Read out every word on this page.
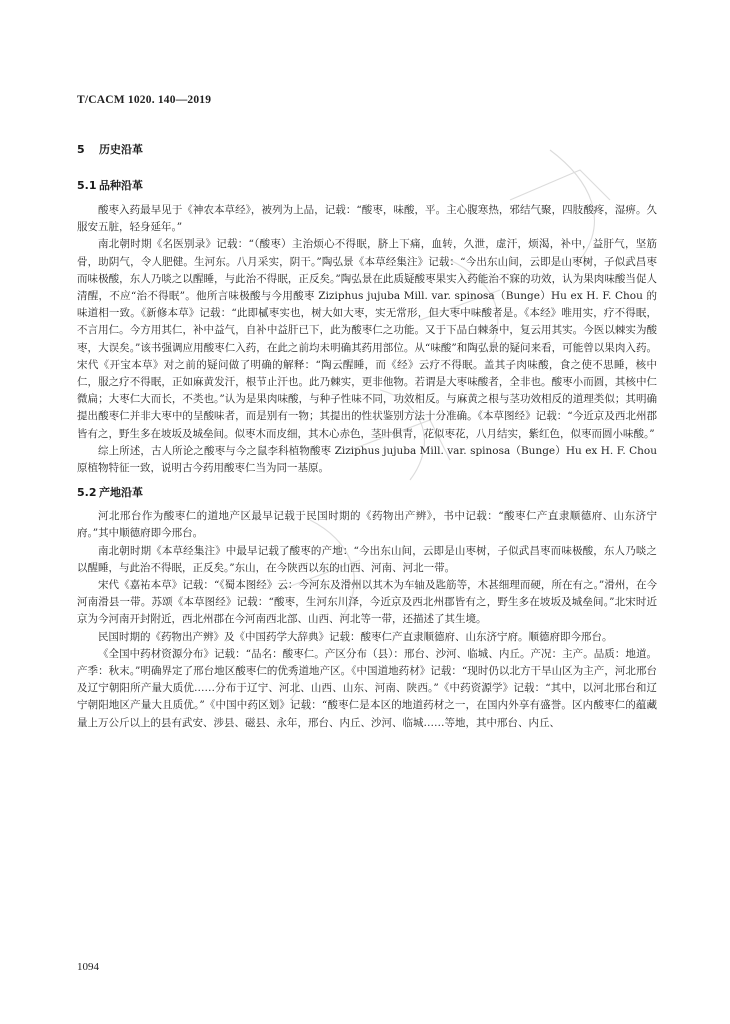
T/CACM 1020. 140—2019
5 历史沿革
5.1 品种沿革

酸枣入药最早见于《神农本草经》，被列为上品，记载：“酸枣，味酸，平。主心腹寒热，邪结气聚，四肢酸疼，湿痹。久服安五脏，轻身延年。”

南北朝时期《名医别录》记载：“（酸枣）主治烦心不得眠，脐上下痛，血转，久泄，虚汗，烦渴，补中，益肝气，坚筋骨，助阴气，令人肥健。生河东。八月采实，阴干。”陶弘景《本草经集注》记载：“今出东山间，云即是山枣树，子似武昌枣而味极酸，东人乃啖之以醒睡，与此治不得眠，正反矣。”陶弘景在此质疑酸枣果实入药能治不寐的功效，认为果肉味酸当促人清醒，不应“治不得眠”。他所言味极酸与今用酸枣 Ziziphus jujuba Mill. var. spinosa（Bunge）Hu ex H. F. Chou 的味道相一致。《新修本草》记载：“此即樲枣实也，树大如大枣，实无常形，但大枣中味酸者是。《本经》唯用实，疗不得眠，不言用仁。今方用其仁，补中益气，自补中益肝已下，此为酸枣仁之功能。又于下品白棘条中，复云用其实。今医以棘实为酸枣，大误矣。”该书强调应用酸枣仁入药，在此之前均未明确其药用部位。从“味酸”和陶弘景的疑问来看，可能曾以果肉入药。宋代《开宝本草》对之前的疑问做了明确的解释：“陶云醒睡，而《经》云疗不得眠。盖其子肉味酸，食之使不思睡，核中仁，服之疗不得眠，正如麻黄发汗，根节止汗也。此乃棘实，更非他物。若谓是大枣味酸者，全非也。酸枣小而圆，其核中仁微扁；大枣仁大而长，不类也。”认为是果肉味酸，与种子性味不同，功效相反。与麻黄之根与茎功效相反的道理类似；其明确提出酸枣仁并非大枣中的呈酸味者，而是别有一物；其提出的性状鉴别方法十分准确。《本草图经》记载：“今近京及西北州郡皆有之，野生多在坡坂及城垒间。似枣木而皮细，其木心赤色，茎叶俱青，花似枣花，八月结实，紫红色，似枣而圆小味酸。”

综上所述，古人所论之酸枣与今之鼠李科植物酸枣 Ziziphus jujuba Mill. var. spinosa（Bunge）Hu ex H. F. Chou 原植物特征一致，说明古今药用酸枣仁当为同一基原。

5.2 产地沿革

河北邢台作为酸枣仁的道地产区最早记载于民国时期的《药物出产辨》，书中记载：“酸枣仁产直隶顺德府、山东济宁府。”其中顺德府即今邢台。

南北朝时期《本草经集注》中最早记载了酸枣的产地：“今出东山间，云即是山枣树，子似武昌枣而味极酸，东人乃啖之以醒睡，与此治不得眠，正反矣。”东山，在今陕西以东的山西、河南、河北一带。

宋代《嘉祐本草》记载：“《蜀本图经》云：今河东及滑州以其木为车轴及匙筋等，木甚细理而硬，所在有之。”滑州，在今河南滑县一带。苏颂《本草图经》记载：“酸枣，生河东川泽，今近京及西北州郡皆有之，野生多在坡坂及城垒间。”北宋时近京为今河南开封附近，西北州郡在今河南西北部、山西、河北等一带，还描述了其生境。

民国时期的《药物出产辨》及《中国药学大辞典》记载：酸枣仁产直隶顺德府、山东济宁府。顺德府即今邢台。

《全国中药材资源分布》记载：“品名：酸枣仁。产区分布（县）：邢台、沙河、临城、内丘。产况：主产。品质：地道。产季：秋末。”明确界定了邢台地区酸枣仁的优秀道地产区。《中国道地药材》记载：“现时仍以北方干旱山区为主产，河北邢台及辽宁朝阳所产量大质优……分布于辽宁、河北、山西、山东、河南、陕西。”《中药资源学》记载：“其中，以河北邢台和辽宁朝阳地区产量大且质优。”《中国中药区划》记载：“酸枣仁是本区的地道药材之一，在国内外享有盛誉。区内酸枣仁的蕴藏量上万公斤以上的县有武安、涉县、磁县、永年，邢台、内丘、沙河、临城……等地，其中邢台、内丘、

1094
